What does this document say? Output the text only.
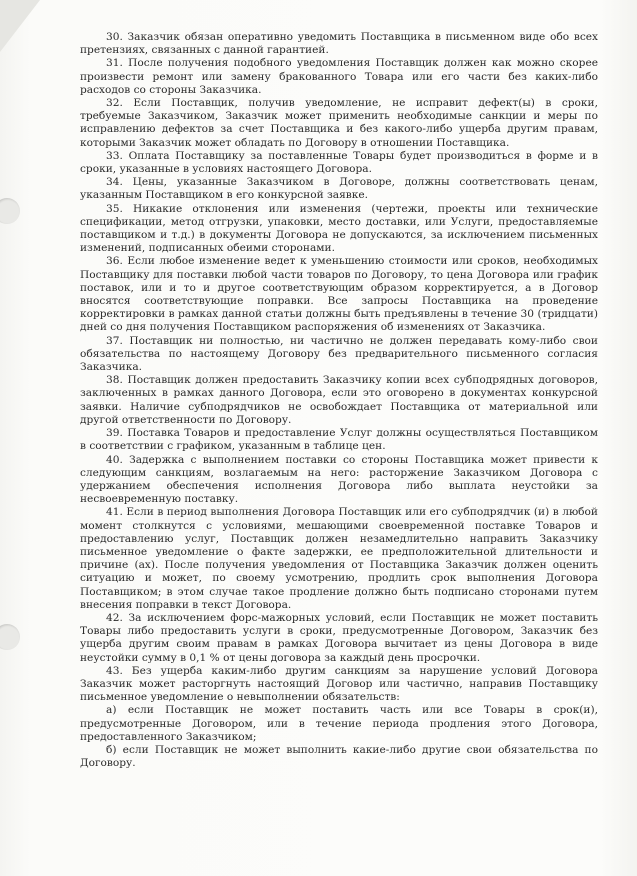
30. Заказчик обязан оперативно уведомить Поставщика в письменном виде обо всех претензиях, связанных с данной гарантией.

31. После получения подобного уведомления Поставщик должен как можно скорее произвести ремонт или замену бракованного Товара или его части без каких-либо расходов со стороны Заказчика.

32. Если Поставщик, получив уведомление, не исправит дефект(ы) в сроки, требуемые Заказчиком, Заказчик может применить необходимые санкции и меры по исправлению дефектов за счет Поставщика и без какого-либо ущерба другим правам, которыми Заказчик может обладать по Договору в отношении Поставщика.

33. Оплата Поставщику за поставленные Товары будет производиться в форме и в сроки, указанные в условиях настоящего Договора.

34. Цены, указанные Заказчиком в Договоре, должны соответствовать ценам, указанным Поставщиком в его конкурсной заявке.

35. Никакие отклонения или изменения (чертежи, проекты или технические спецификации, метод отгрузки, упаковки, место доставки, или Услуги, предоставляемые поставщиком и т.д.) в документы Договора не допускаются, за исключением письменных изменений, подписанных обеими сторонами.

36. Если любое изменение ведет к уменьшению стоимости или сроков, необходимых Поставщику для поставки любой части товаров по Договору, то цена Договора или график поставок, или и то и другое соответствующим образом корректируется, а в Договор вносятся соответствующие поправки. Все запросы Поставщика на проведение корректировки в рамках данной статьи должны быть предъявлены в течение 30 (тридцати) дней со дня получения Поставщиком распоряжения об изменениях от Заказчика.

37. Поставщик ни полностью, ни частично не должен передавать кому-либо свои обязательства по настоящему Договору без предварительного письменного согласия Заказчика.

38. Поставщик должен предоставить Заказчику копии всех субподрядных договоров, заключенных в рамках данного Договора, если это оговорено в документах конкурсной заявки. Наличие субподрядчиков не освобождает Поставщика от материальной или другой ответственности по Договору.

39. Поставка Товаров и предоставление Услуг должны осуществляться Поставщиком в соответствии с графиком, указанным в таблице цен.

40. Задержка с выполнением поставки со стороны Поставщика может привести к следующим санкциям, возлагаемым на него: расторжение Заказчиком Договора с удержанием обеспечения исполнения Договора либо выплата неустойки за несвоевременную поставку.

41. Если в период выполнения Договора Поставщик или его субподрядчик (и) в любой момент столкнутся с условиями, мешающими своевременной поставке Товаров и предоставлению услуг, Поставщик должен незамедлительно направить Заказчику письменное уведомление о факте задержки, ее предположительной длительности и причине (ах). После получения уведомления от Поставщика Заказчик должен оценить ситуацию и может, по своему усмотрению, продлить срок выполнения Договора Поставщиком; в этом случае такое продление должно быть подписано сторонами путем внесения поправки в текст Договора.

42. За исключением форс-мажорных условий, если Поставщик не может поставить Товары либо предоставить услуги в сроки, предусмотренные Договором, Заказчик без ущерба другим своим правам в рамках Договора вычитает из цены Договора в виде неустойки сумму в 0,1 % от цены договора за каждый день просрочки.

43. Без ущерба каким-либо другим санкциям за нарушение условий Договора Заказчик может расторгнуть настоящий Договор или частично, направив Поставщику письменное уведомление о невыполнении обязательств:

а) если Поставщик не может поставить часть или все Товары в срок(и), предусмотренные Договором, или в течение периода продления этого Договора, предоставленного Заказчиком;

б) если Поставщик не может выполнить какие-либо другие свои обязательства по Договору.
